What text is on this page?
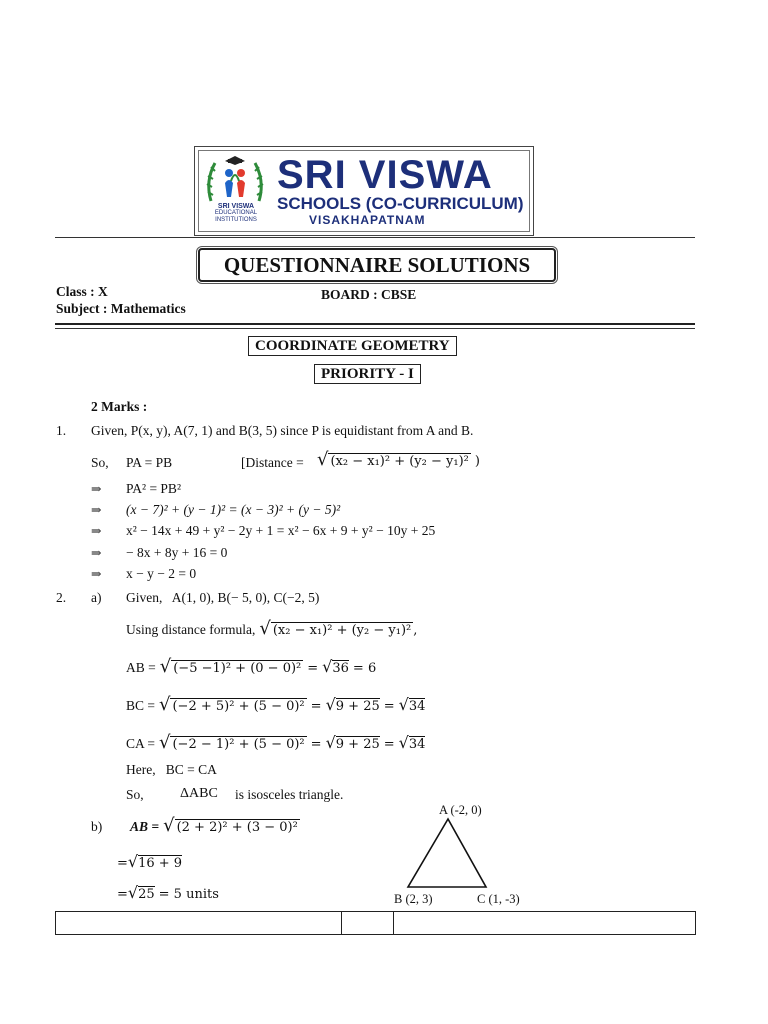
SRI VISWA
EDUCATIONAL INSTITUTIONS
SRI VISWA
SCHOOLS (CO-CURRICULUM)
VISAKHAPATNAM
QUESTIONNAIRE SOLUTIONS
Class : X
Subject : Mathematics
BOARD : CBSE
COORDINATE GEOMETRY
PRIORITY - I
2 Marks :
1. Given, P(x, y), A(7, 1) and B(3, 5) since P is equidistant from A and B.
So, PA = PB	[Distance = √ (x₂ − x₁)² + (y₂ − y₁)² )
⇒ PA² = PB²
⇒ (x − 7)² + (y − 1)² = (x − 3)² + (y − 5)²
⇒ x² − 14x + 49 + y² − 2y + 1 = x² − 6x + 9 + y² − 10y + 25
⇒ − 8x + 8y + 16 = 0
⇒ x − y − 2 = 0
2. a) Given,   A(1, 0), B(− 5, 0), C(−2, 5)
Using distance formula, √ (x₂ − x₁)² + (y₂ − y₁)² ,
AB = √ (−5 −1)² + (0 − 0)² = √36 = 6
BC = √ (−2 + 5)² + (5 − 0)² = √9 + 25 = √34
CA = √ (−2 − 1)² + (5 − 0)² = √9 + 25 = √34
Here,   BC = CA
So,	ΔABC is isosceles triangle.
b) AB = √ (2 + 2)² + (3 − 0)²
=√16 + 9
=√25 = 5 units
A (-2, 0)
B (2, 3)	C (1, -3)
